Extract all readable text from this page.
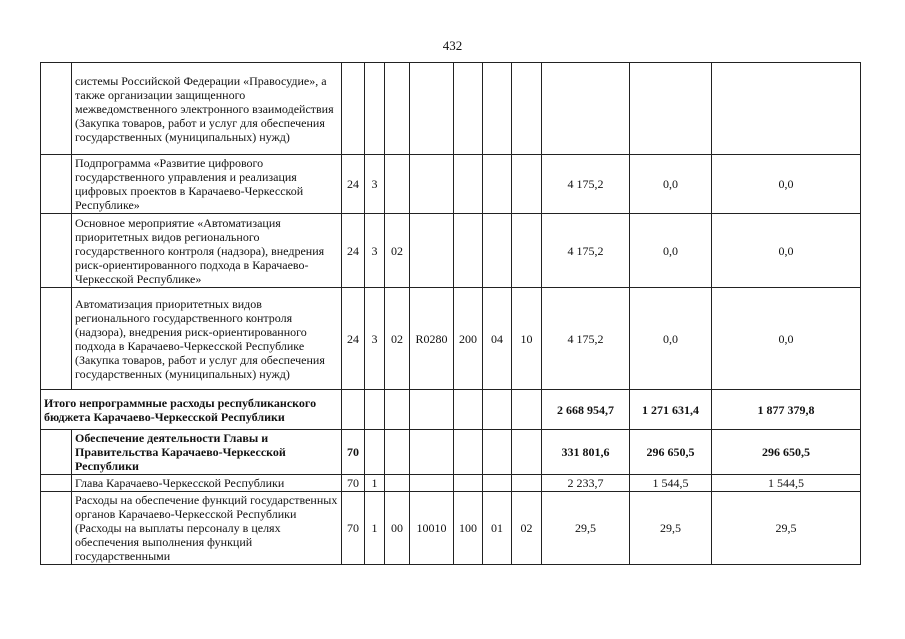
432
	системы Российской Федерации «Правосудие», а также организации защищенного межведомственного электронного взаимодействия (Закупка товаров, работ и услуг для обеспечения государственных (муниципальных) нужд)										
	Подпрограмма «Развитие цифрового государственного управления и реализация цифровых проектов в Карачаево-Черкесской Республике»	24	3						4 175,2	0,0	0,0
	Основное мероприятие «Автоматизация приоритетных видов регионального государственного контроля (надзора), внедрения риск-ориентированного подхода в Карачаево-Черкесской Республике»	24	3	02					4 175,2	0,0	0,0
	Автоматизация приоритетных видов регионального государственного контроля (надзора), внедрения риск-ориентированного подхода в Карачаево-Черкесской Республике (Закупка товаров, работ и услуг для обеспечения государственных (муниципальных) нужд)	24	3	02	R0280	200	04	10	4 175,2	0,0	0,0
Итого непрограммные расходы республиканского бюджета Карачаево-Черкесской Республики									2 668 954,7	1 271 631,4	1 877 379,8
	Обеспечение деятельности Главы и Правительства Карачаево-Черкесской Республики	70							331 801,6	296 650,5	296 650,5
	Глава Карачаево-Черкесской Республики	70	1						2 233,7	1 544,5	1 544,5
	Расходы на обеспечение функций государственных органов Карачаево-Черкесской Республики (Расходы на выплаты персоналу в целях обеспечения выполнения функций государственными	70	1	00	10010	100	01	02	29,5	29,5	29,5
